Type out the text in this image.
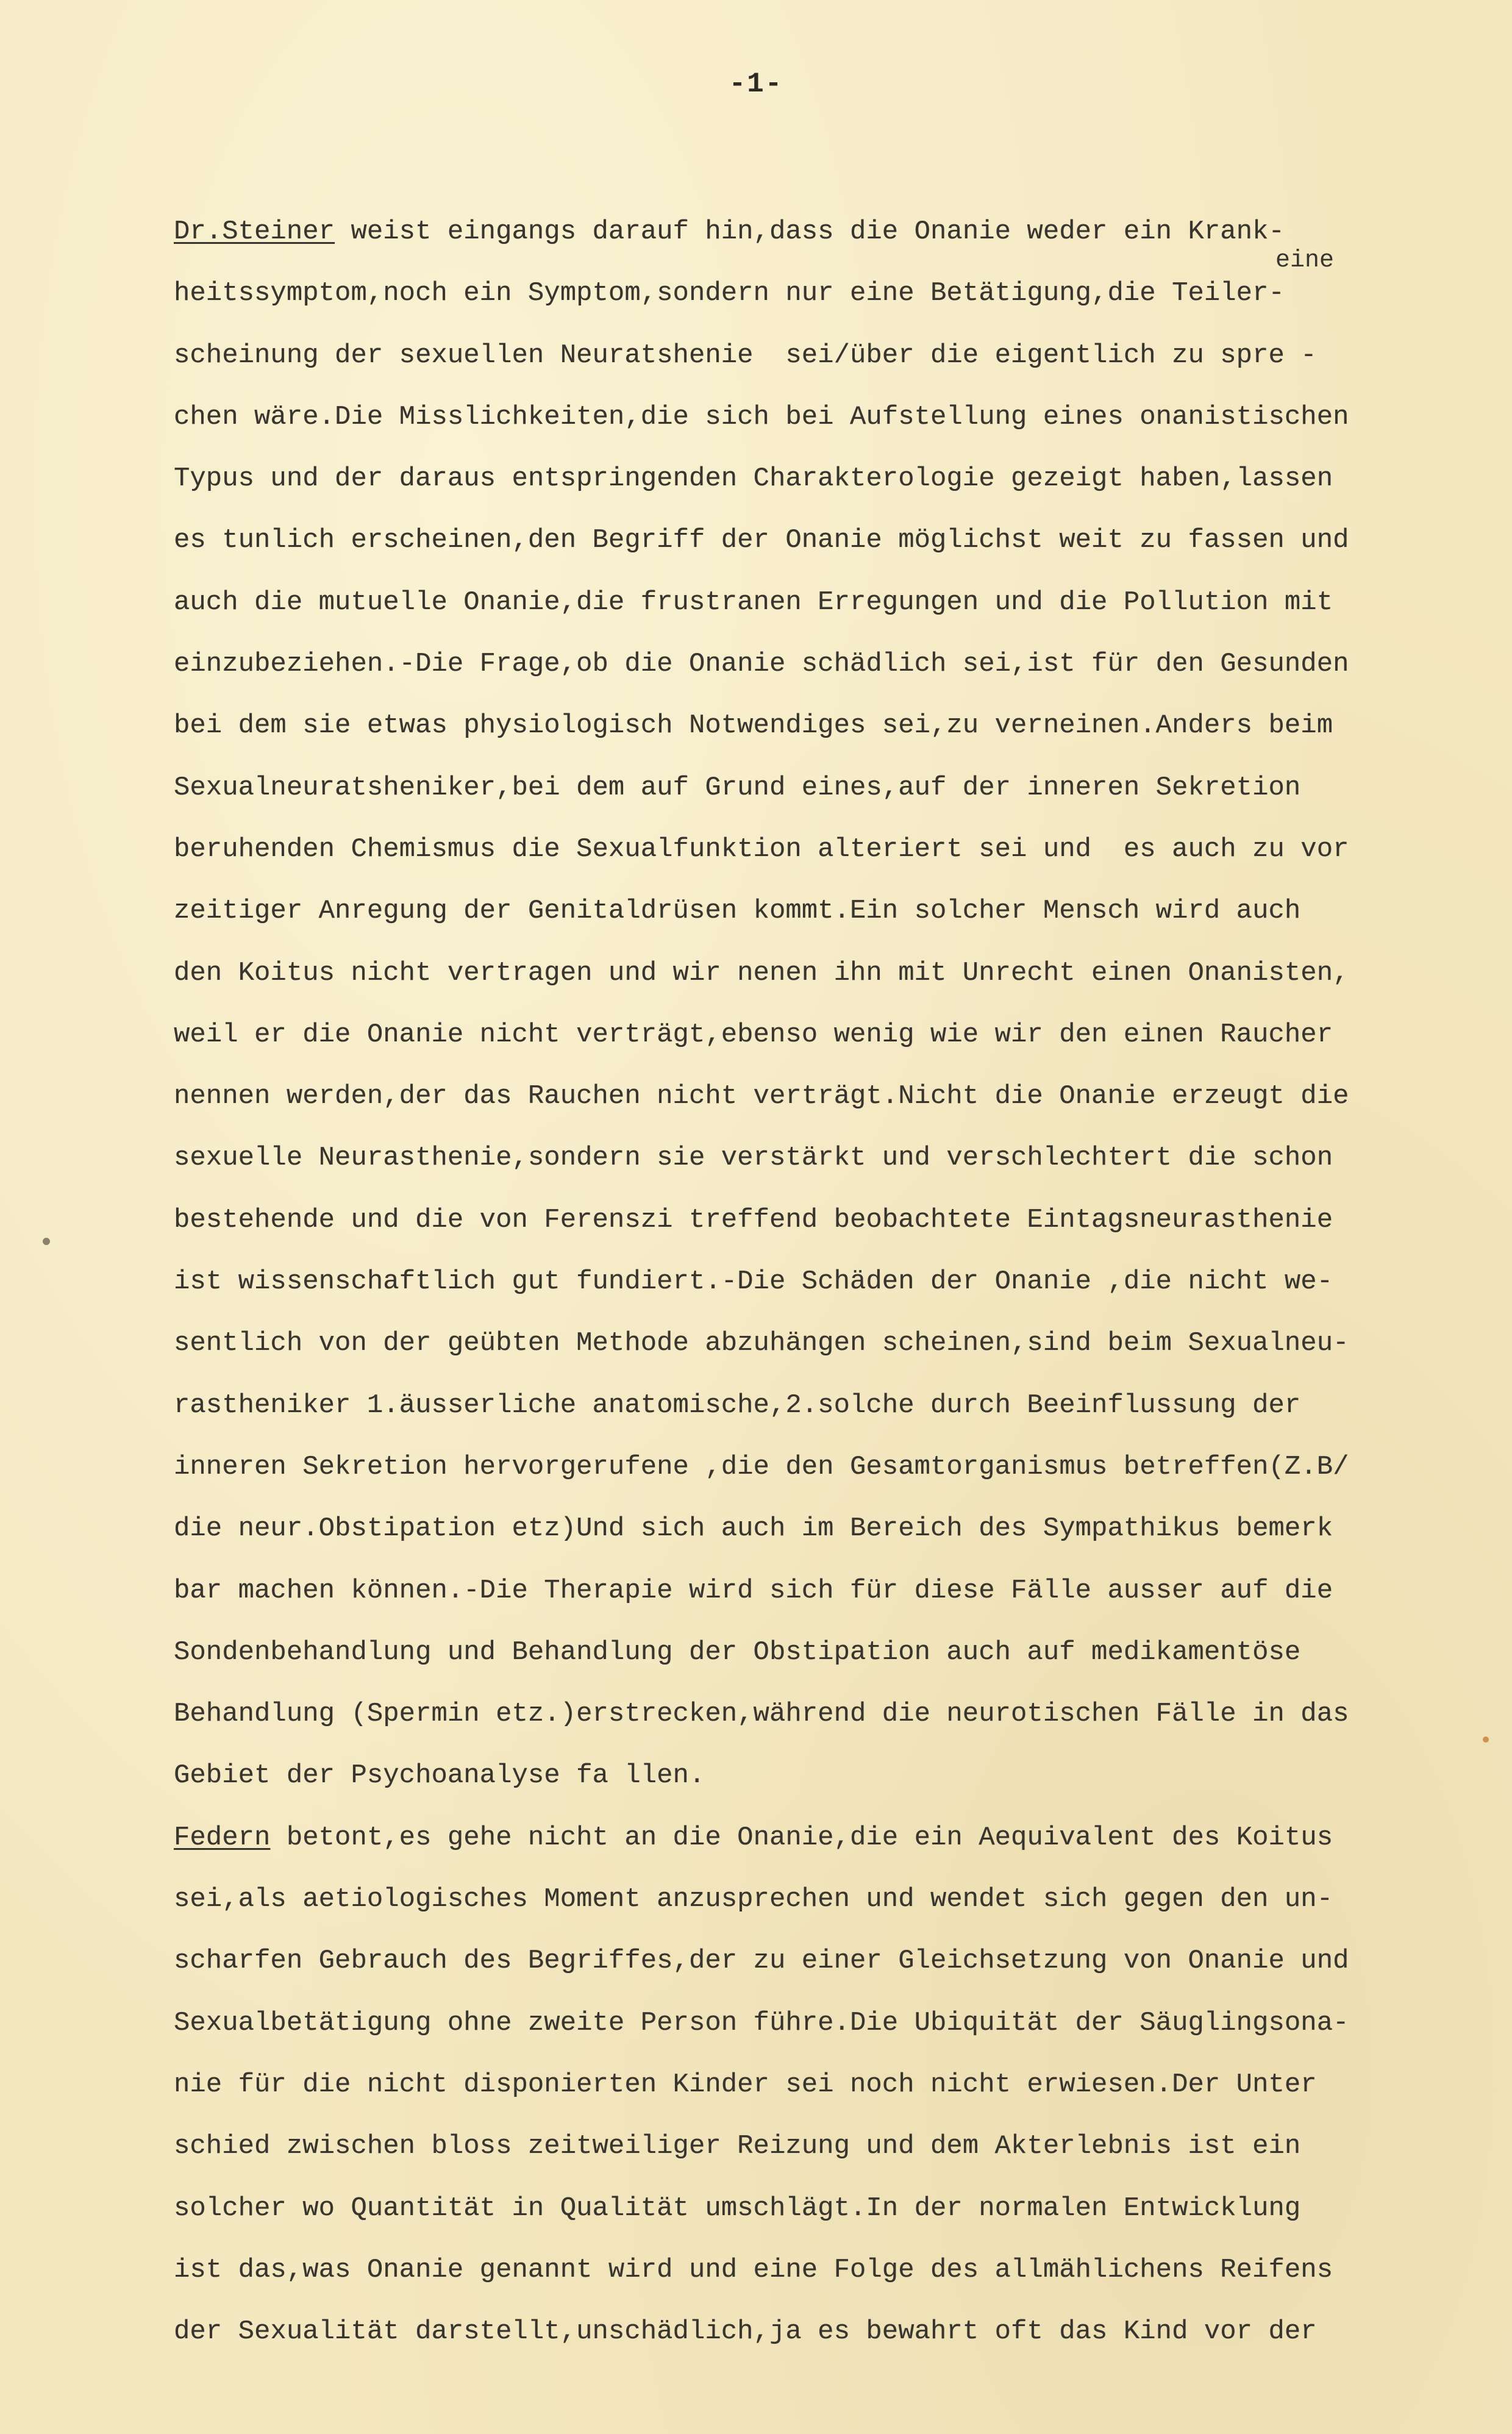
-1-
eine
Dr.Steiner weist eingangs darauf hin,dass die Onanie weder ein Krank-
heitssymptom,noch ein Symptom,sondern nur eine Betätigung,die Teiler-
scheinung der sexuellen Neuratshenie  sei/über die eigentlich zu spre -
chen wäre.Die Misslichkeiten,die sich bei Aufstellung eines onanistischen
Typus und der daraus entspringenden Charakterologie gezeigt haben,lassen
es tunlich erscheinen,den Begriff der Onanie möglichst weit zu fassen und
auch die mutuelle Onanie,die frustranen Erregungen und die Pollution mit
einzubeziehen.-Die Frage,ob die Onanie schädlich sei,ist für den Gesunden
bei dem sie etwas physiologisch Notwendiges sei,zu verneinen.Anders beim
Sexualneuratsheniker,bei dem auf Grund eines,auf der inneren Sekretion
beruhenden Chemismus die Sexualfunktion alteriert sei und  es auch zu vor
zeitiger Anregung der Genitaldrüsen kommt.Ein solcher Mensch wird auch
den Koitus nicht vertragen und wir nenen ihn mit Unrecht einen Onanisten,
weil er die Onanie nicht verträgt,ebenso wenig wie wir den einen Raucher
nennen werden,der das Rauchen nicht verträgt.Nicht die Onanie erzeugt die
sexuelle Neurasthenie,sondern sie verstärkt und verschlechtert die schon
bestehende und die von Ferenszi treffend beobachtete Eintagsneurasthenie
ist wissenschaftlich gut fundiert.-Die Schäden der Onanie ,die nicht we-
sentlich von der geübten Methode abzuhängen scheinen,sind beim Sexualneu-
rastheniker 1.äusserliche anatomische,2.solche durch Beeinflussung der
inneren Sekretion hervorgerufene ,die den Gesamtorganismus betreffen(Z.B/
die neur.Obstipation etz)Und sich auch im Bereich des Sympathikus bemerk
bar machen können.-Die Therapie wird sich für diese Fälle ausser auf die
Sondenbehandlung und Behandlung der Obstipation auch auf medikamentöse
Behandlung (Spermin etz.)erstrecken,während die neurotischen Fälle in das
Gebiet der Psychoanalyse fa llen.
Federn betont,es gehe nicht an die Onanie,die ein Aequivalent des Koitus
sei,als aetiologisches Moment anzusprechen und wendet sich gegen den un-
scharfen Gebrauch des Begriffes,der zu einer Gleichsetzung von Onanie und
Sexualbetätigung ohne zweite Person führe.Die Ubiquität der Säuglingsona-
nie für die nicht disponierten Kinder sei noch nicht erwiesen.Der Unter
schied zwischen bloss zeitweiliger Reizung und dem Akterlebnis ist ein
solcher wo Quantität in Qualität umschlägt.In der normalen Entwicklung
ist das,was Onanie genannt wird und eine Folge des allmählichens Reifens
der Sexualität darstellt,unschädlich,ja es bewahrt oft das Kind vor der
